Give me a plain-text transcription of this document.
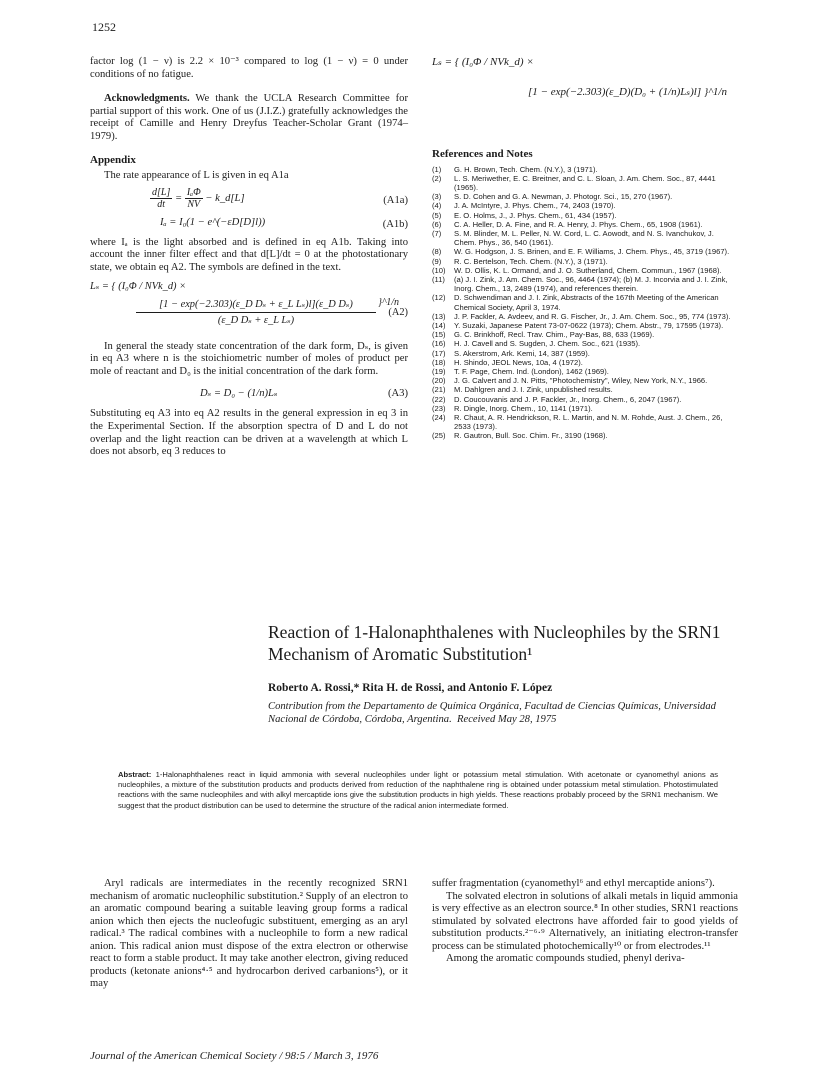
1252

factor log (1 − ν) is 2.2 × 10⁻³ compared to log (1 − ν) = 0 under conditions of no fatigue.

Acknowledgments. We thank the UCLA Research Committee for partial support of this work. One of us (J.I.Z.) gratefully acknowledges the receipt of Camille and Henry Dreyfus Teacher-Scholar Grant (1974–1979).

Appendix

The rate appearance of L is given in eq A1a

$\frac{d[L]}{dt} = \frac{\text{IₐΦ}}{NV}$ − k_d[L]	(A1a)
Iₐ = I₀(1 − e^(−εD[D]l))	(A1b)

where Iₐ is the light absorbed and is defined in eq A1b. Taking into account the inner filter effect and that d[L]/dt = 0 at the photostationary state, we obtain eq A2. The symbols are defined in the text.

Lₛ = { (I₀Φ / NVk_d) ×
$\frac{\text{[1 − exp(−2.303)(ε\_D Dₛ + ε\_L Lₛ)l](ε\_D Dₛ)}}{\text{(ε\_D Dₛ + ε\_L Lₛ)}}$ }^1/n
(A2)

In general the steady state concentration of the dark form, Dₛ, is given in eq A3 where n is the stoichiometric number of moles of product per mole of reactant and D₀ is the initial concentration of the dark form.

Dₛ = D₀ − (1/n)Lₛ	(A3)

Substituting eq A3 into eq A2 results in the general expression in eq 3 in the Experimental Section. If the absorption spectra of D and L do not overlap and the light reaction can be driven at a wavelength at which L does not absorb, eq 3 reduces to

Lₛ = { (I₀Φ / NVk_d) ×
[1 − exp(−2.303)(ε_D)(D₀ + (1/n)Lₛ)l] }^1/n
References and Notes

(1) G. H. Brown, Tech. Chem. (N.Y.), 3 (1971).

(2) L. S. Meriwether, E. C. Breitner, and C. L. Sloan, J. Am. Chem. Soc., 87, 4441 (1965).

(3) S. D. Cohen and G. A. Newman, J. Photogr. Sci., 15, 270 (1967).

(4) J. A. McIntyre, J. Phys. Chem., 74, 2403 (1970).

(5) E. O. Holms, J., J. Phys. Chem., 61, 434 (1957).

(6) C. A. Heller, D. A. Fine, and R. A. Henry, J. Phys. Chem., 65, 1908 (1961).

(7) S. M. Blinder, M. L. Peller, N. W. Cord, L. C. Aowodt, and N. S. Ivanchukov, J. Chem. Phys., 36, 540 (1961).

(8) W. G. Hodgson, J. S. Brinen, and E. F. Williams, J. Chem. Phys., 45, 3719 (1967).

(9) R. C. Bertelson, Tech. Chem. (N.Y.), 3 (1971).

(10) W. D. Ollis, K. L. Ormand, and J. O. Sutherland, Chem. Commun., 1967 (1968).

(11) (a) J. I. Zink, J. Am. Chem. Soc., 96, 4464 (1974); (b) M. J. Incorvia and J. I. Zink, Inorg. Chem., 13, 2489 (1974), and references therein.

(12) D. Schwendiman and J. I. Zink, Abstracts of the 167th Meeting of the American Chemical Society, April 3, 1974.

(13) J. P. Fackler, A. Avdeev, and R. G. Fischer, Jr., J. Am. Chem. Soc., 95, 774 (1973).

(14) Y. Suzaki, Japanese Patent 73-07-0622 (1973); Chem. Abstr., 79, 17595 (1973).

(15) G. C. Brinkhoff, Recl. Trav. Chim., Pay-Bas, 88, 633 (1969).

(16) H. J. Cavell and S. Sugden, J. Chem. Soc., 621 (1935).

(17) S. Akerstrom, Ark. Kemi, 14, 387 (1959).

(18) H. Shindo, JEOL News, 10a, 4 (1972).

(19) T. F. Page, Chem. Ind. (London), 1462 (1969).

(20) J. G. Calvert and J. N. Pitts, "Photochemistry", Wiley, New York, N.Y., 1966.

(21) M. Dahlgren and J. I. Zink, unpublished results.

(22) D. Coucouvanis and J. P. Fackler, Jr., Inorg. Chem., 6, 2047 (1967).

(23) R. Dingle, Inorg. Chem., 10, 1141 (1971).

(24) R. Chaut, A. R. Hendrickson, R. L. Martin, and N. M. Rohde, Aust. J. Chem., 26, 2533 (1973).

(25) R. Gautron, Bull. Soc. Chim. Fr., 3190 (1968).

Reaction of 1-Halonaphthalenes with Nucleophiles by the SRN1 Mechanism of Aromatic Substitution¹
Roberto A. Rossi,* Rita H. de Rossi, and Antonio F. López
Contribution from the Departamento de Química Orgánica, Facultad de Ciencias Químicas, Universidad Nacional de Córdoba, Córdoba, Argentina. Received May 28, 1975
Abstract: 1-Halonaphthalenes react in liquid ammonia with several nucleophiles under light or potassium metal stimulation. With acetonate or cyanomethyl anions as nucleophiles, a mixture of the substitution products and products derived from reduction of the naphthalene ring is obtained under potassium metal stimulation. Photostimulated reactions with the same nucleophiles and with alkyl mercaptide ions give the substitution products in high yields. These reactions probably proceed by the SRN1 mechanism. We suggest that the product distribution can be used to determine the structure of the radical anion intermediate formed.

Aryl radicals are intermediates in the recently recognized SRN1 mechanism of aromatic nucleophilic substitution.² Supply of an electron to an aromatic compound bearing a suitable leaving group forms a radical anion which then ejects the nucleofugic substituent, emerging as an aryl radical.³ The radical combines with a nucleophile to form a new radical anion. This radical anion must dispose of the extra electron or otherwise react to form a stable product. It may take another electron, giving reduced products (ketonate anions⁴·⁵ and hydrocarbon derived carbanions⁵), or it may

suffer fragmentation (cyanomethyl⁶ and ethyl mercaptide anions⁷).

The solvated electron in solutions of alkali metals in liquid ammonia is very effective as an electron source.⁸ In other studies, SRN1 reactions stimulated by solvated electrons have afforded fair to good yields of substitution products.²⁻⁶·⁹ Alternatively, an initiating electron-transfer process can be stimulated photochemically¹⁰ or from electrodes.¹¹

Among the aromatic compounds studied, phenyl deriva-

Journal of the American Chemical Society / 98:5 / March 3, 1976
